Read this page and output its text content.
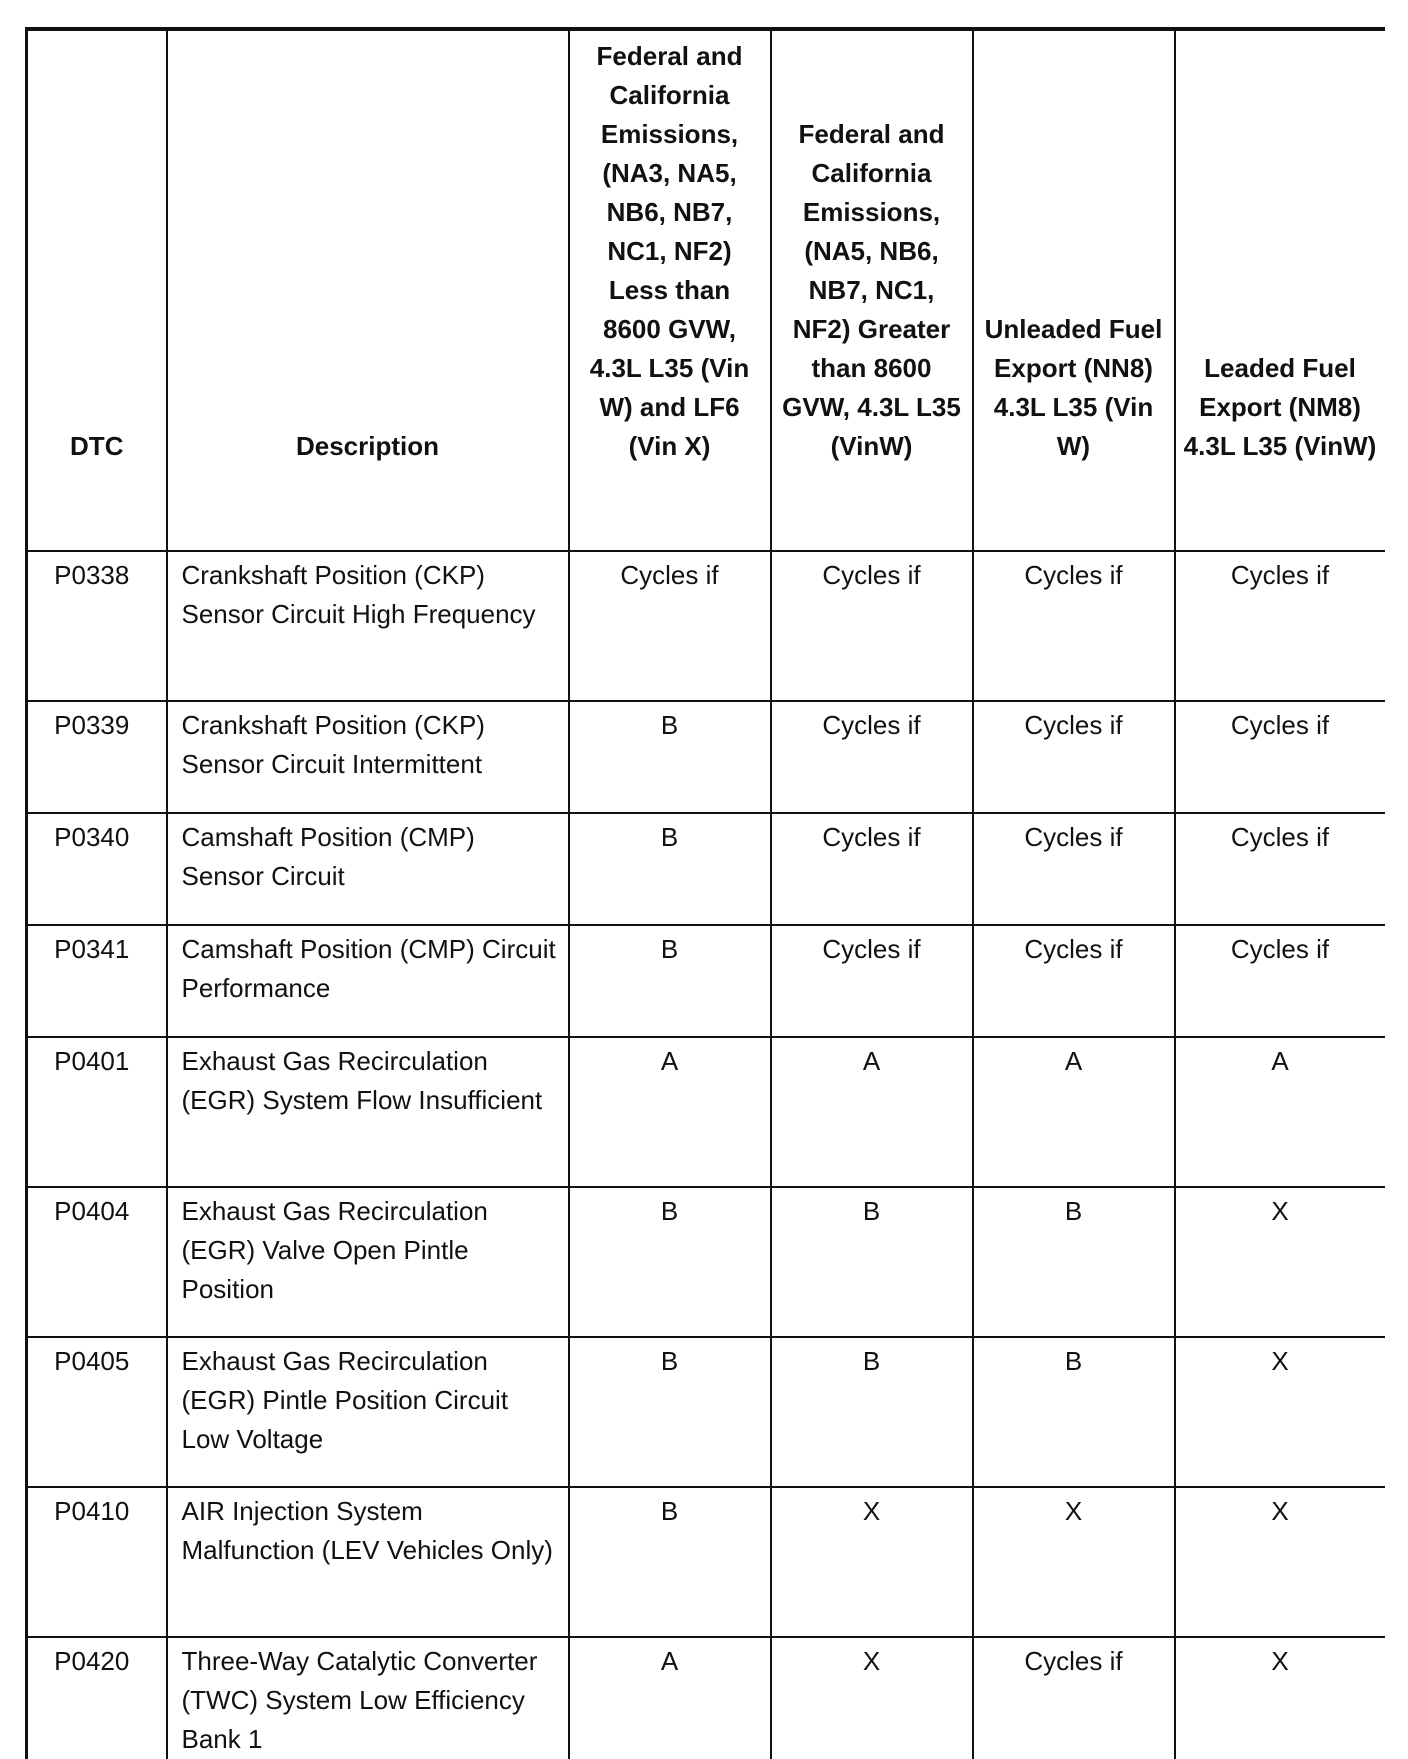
DTC	Description	Federal and California Emissions, (NA3, NA5, NB6, NB7, NC1, NF2) Less than 8600 GVW, 4.3L L35 (Vin W) and LF6 (Vin X)	Federal and California Emissions, (NA5, NB6, NB7, NC1, NF2) Greater than 8600 GVW, 4.3L L35 (VinW)	Unleaded Fuel Export (NN8) 4.3L L35 (Vin W)	Leaded Fuel Export (NM8) 4.3L L35 (VinW)
P0338	Crankshaft Position (CKP) Sensor Circuit High Frequency	Cycles if	Cycles if	Cycles if	Cycles if
P0339	Crankshaft Position (CKP) Sensor Circuit Intermittent	B	Cycles if	Cycles if	Cycles if
P0340	Camshaft Position (CMP) Sensor Circuit	B	Cycles if	Cycles if	Cycles if
P0341	Camshaft Position (CMP) Circuit Performance	B	Cycles if	Cycles if	Cycles if
P0401	Exhaust Gas Recirculation (EGR) System Flow Insufficient	A	A	A	A
P0404	Exhaust Gas Recirculation (EGR) Valve Open Pintle Position	B	B	B	X
P0405	Exhaust Gas Recirculation (EGR) Pintle Position Circuit Low Voltage	B	B	B	X
P0410	AIR Injection System Malfunction (LEV Vehicles Only)	B	X	X	X
P0420	Three-Way Catalytic Converter (TWC) System Low Efficiency Bank 1	A	X	Cycles if	X
